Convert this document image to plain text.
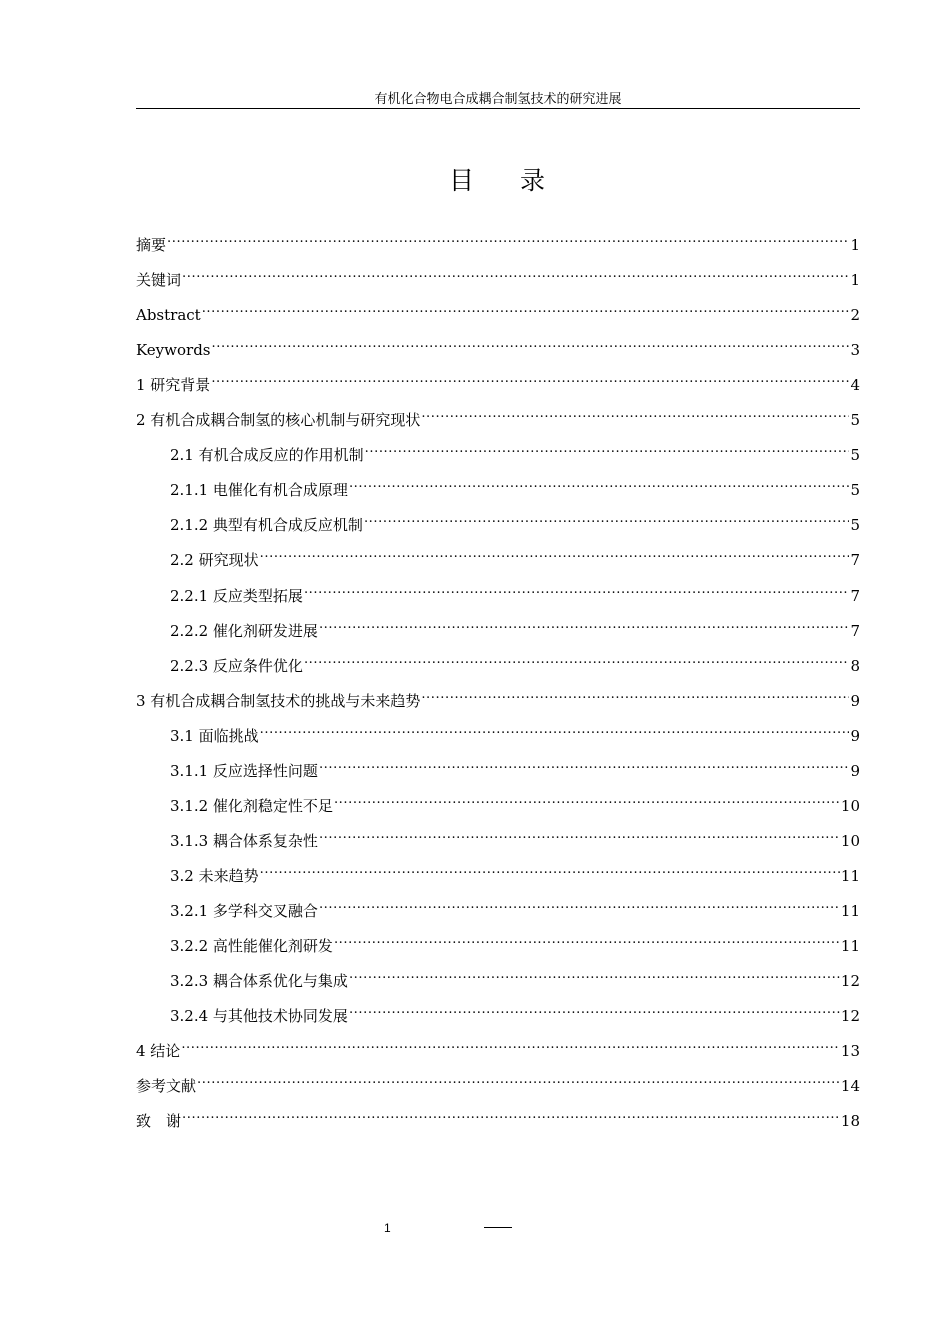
有机化合物电合成耦合制氢技术的研究进展
目 录
摘要 .....	1
关键词 .....	1
Abstract .....	2
Keywords .....	3
1 研究背景 .....	4
2 有机合成耦合制氢的核心机制与研究现状 .....	5
2.1 有机合成反应的作用机制 .....	5
2.1.1 电催化有机合成原理 .....	5
2.1.2 典型有机合成反应机制 .....	5
2.2 研究现状 .....	7
2.2.1 反应类型拓展 .....	7
2.2.2 催化剂研发进展 .....	7
2.2.3 反应条件优化 .....	8
3 有机合成耦合制氢技术的挑战与未来趋势 .....	9
3.1 面临挑战 .....	9
3.1.1 反应选择性问题 .....	9
3.1.2 催化剂稳定性不足 .....	10
3.1.3 耦合体系复杂性 .....	10
3.2 未来趋势 .....	11
3.2.1 多学科交叉融合 .....	11
3.2.2 高性能催化剂研发 .....	11
3.2.3 耦合体系优化与集成 .....	12
3.2.4 与其他技术协同发展 .....	12
4 结论 .....	13
参考文献 .....	14
致　谢 .....	18
1
